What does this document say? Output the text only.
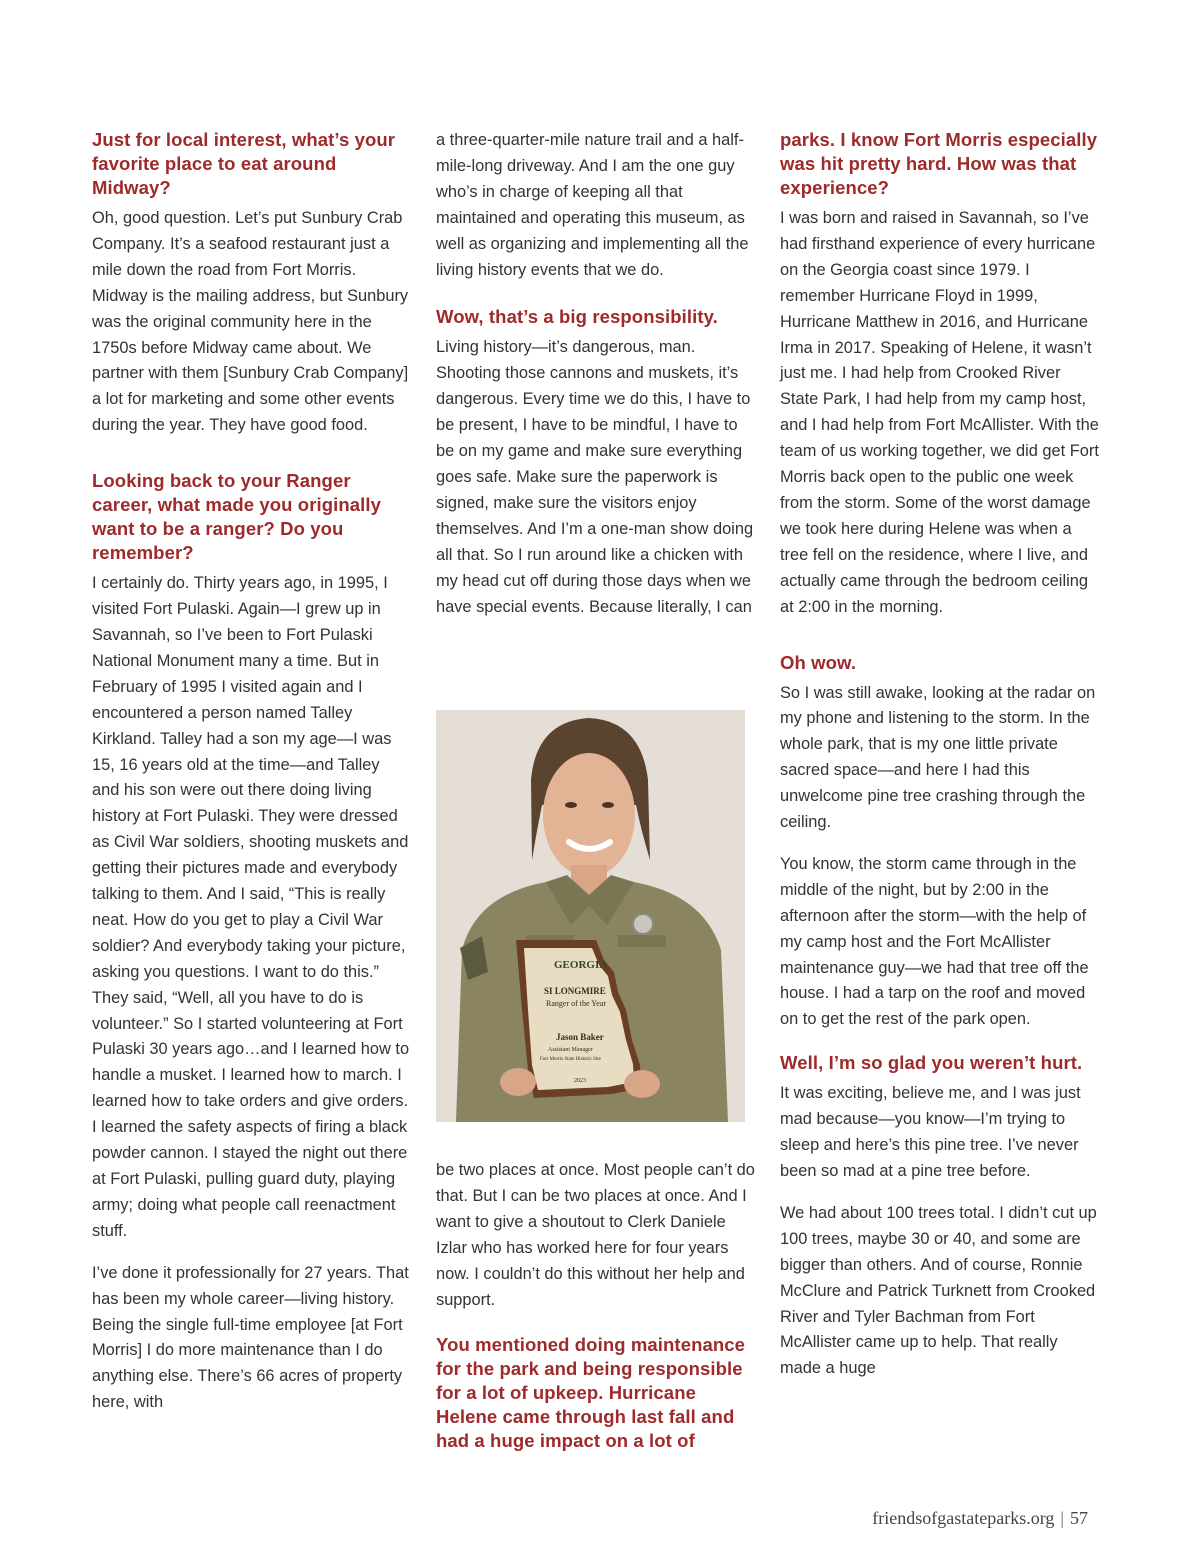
Just for local interest, what’s your favorite place to eat around Midway?

Oh, good question. Let’s put Sunbury Crab Company. It’s a seafood restaurant just a mile down the road from Fort Morris. Midway is the mailing address, but Sunbury was the original community here in the 1750s before Midway came about. We partner with them [Sunbury Crab Company] a lot for marketing and some other events during the year. They have good food.

Looking back to your Ranger career, what made you originally want to be a ranger? Do you remember?

I certainly do. Thirty years ago, in 1995, I visited Fort Pulaski. Again—I grew up in Savannah, so I’ve been to Fort Pulaski National Monument many a time. But in February of 1995 I visited again and I encountered a person named Talley Kirkland. Talley had a son my age—I was 15, 16 years old at the time—and Talley and his son were out there doing living history at Fort Pulaski. They were dressed as Civil War soldiers, shooting muskets and getting their pictures made and everybody talking to them. And I said, “This is really neat. How do you get to play a Civil War soldier? And everybody taking your picture, asking you questions. I want to do this.” They said, “Well, all you have to do is volunteer.” So I started volunteering at Fort Pulaski 30 years ago…and I learned how to handle a musket. I learned how to march. I learned how to take orders and give orders. I learned the safety aspects of firing a black powder cannon. I stayed the night out there at Fort Pulaski, pulling guard duty, playing army; doing what people call reenactment stuff.

I’ve done it professionally for 27 years. That has been my whole career—living history. Being the single full-time employee [at Fort Morris] I do more maintenance than I do anything else. There’s 66 acres of property here, with

a three-quarter-mile nature trail and a half-mile-long driveway. And I am the one guy who’s in charge of keeping all that maintained and operating this museum, as well as organizing and implementing all the living history events that we do.

Wow, that’s a big responsibility.

Living history—it’s dangerous, man. Shooting those cannons and muskets, it’s dangerous. Every time we do this, I have to be present, I have to be mindful, I have to be on my game and make sure everything goes safe. Make sure the paperwork is signed, make sure the visitors enjoy themselves. And I’m a one-man show doing all that. So I run around like a chicken with my head cut off during those days when we have special events. Because literally, I can

GEORGIA
SI LONGMIRE
Ranger of the Year
Jason Baker
Assistant Manager
Fort Morris State Historic Site
2023

be two places at once. Most people can’t do that. But I can be two places at once. And I want to give a shoutout to Clerk Daniele Izlar who has worked here for four years now. I couldn’t do this without her help and support.

You mentioned doing maintenance for the park and being responsible for a lot of upkeep. Hurricane Helene came through last fall and had a huge impact on a lot of
parks. I know Fort Morris especially was hit pretty hard. How was that experience?

I was born and raised in Savannah, so I’ve had firsthand experience of every hurricane on the Georgia coast since 1979. I remember Hurricane Floyd in 1999, Hurricane Matthew in 2016, and Hurricane Irma in 2017. Speaking of Helene, it wasn’t just me. I had help from Crooked River State Park, I had help from my camp host, and I had help from Fort McAllister. With the team of us working together, we did get Fort Morris back open to the public one week from the storm. Some of the worst damage we took here during Helene was when a tree fell on the residence, where I live, and actually came through the bedroom ceiling at 2:00 in the morning.

Oh wow.

So I was still awake, looking at the radar on my phone and listening to the storm. In the whole park, that is my one little private sacred space—and here I had this unwelcome pine tree crashing through the ceiling.

You know, the storm came through in the middle of the night, but by 2:00 in the afternoon after the storm—with the help of my camp host and the Fort McAllister maintenance guy—we had that tree off the house. I had a tarp on the roof and moved on to get the rest of the park open.

Well, I’m so glad you weren’t hurt.

It was exciting, believe me, and I was just mad because—you know—I’m trying to sleep and here’s this pine tree. I’ve never been so mad at a pine tree before.

We had about 100 trees total. I didn’t cut up 100 trees, maybe 30 or 40, and some are bigger than others. And of course, Ronnie McClure and Patrick Turknett from Crooked River and Tyler Bachman from Fort McAllister came up to help. That really made a huge

friendsofgastateparks.org | 57
